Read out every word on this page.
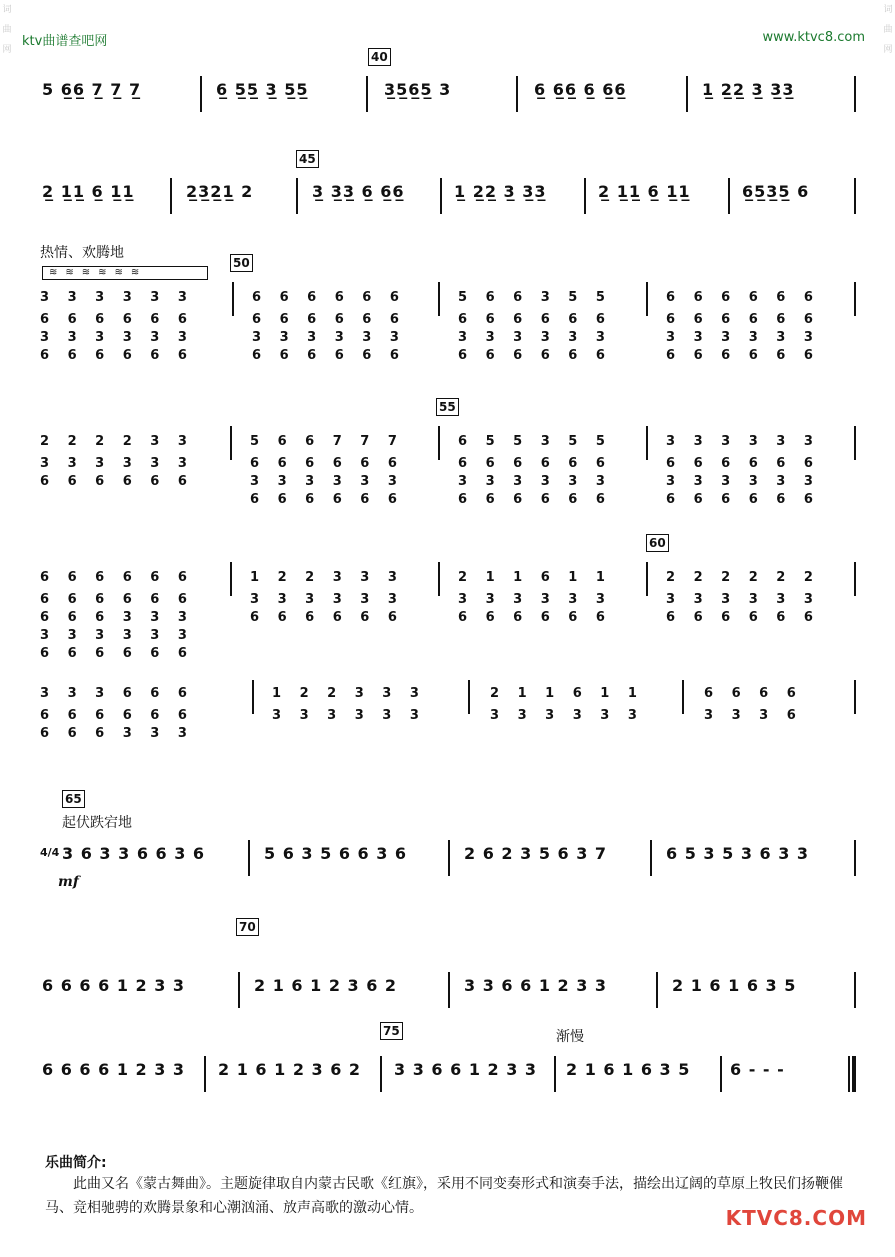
词曲网
词曲网
ktv曲谱查吧网	www.ktvc8.com
40
5 6̲6̲ 7̲ 7̲ 7̲	6̲ 5̲5̲ 3̲ 5̲5̲	3̲5̲6̲5̲ 3	6̲ 6̲6̲ 6̲ 6̲6̲	1̲ 2̲2̲ 3̲ 3̲3̲
45
2̲ 1̲1̲ 6̲ 1̲1̲	2̲3̲2̲1̲ 2	3̲ 3̲3̲ 6̲ 6̲6̲	1̲ 2̲2̲ 3̲ 3̲3̲	2̲ 1̲1̲ 6̲ 1̲1̲	6̲5̲3̲5̲ 6
热情、欢腾地
≋≋≋≋≋≋
50
3 3 3 3 3 3	6 6 6 6 6 6	5 6 6 3 5 5	6 6 6 6 6 6
6 6 6 6 6 6	6 6 6 6 6 6	6 6 6 6 6 6	6 6 6 6 6 6
3 3 3 3 3 3	3 3 3 3 3 3	3 3 3 3 3 3	3 3 3 3 3 3
6 6 6 6 6 6	6 6 6 6 6 6	6 6 6 6 6 6	6 6 6 6 6 6
55
2 2 2 2 3 3	5 6 6 7 7 7	6 5 5 3 5 5	3 3 3 3 3 3
3 3 3 3 3 3	6 6 6 6 6 6	6 6 6 6 6 6	6 6 6 6 6 6
6 6 6 6 6 6	3 3 3 3 3 3	3 3 3 3 3 3	3 3 3 3 3 3
6 6 6 6 6 6	6 6 6 6 6 6	6 6 6 6 6 6
60
6 6 6 6 6 6	1 2 2 3 3 3	2 1 1 6 1 1	2 2 2 2 2 2
6 6 6 6 6 6	3 3 3 3 3 3	3 3 3 3 3 3	3 3 3 3 3 3
6 6 6 3 3 3	6 6 6 6 6 6	6 6 6 6 6 6	6 6 6 6 6 6
3 3 3 3 3 3
6 6 6 6 6 6
3 3 3 6 6 6	1 2 2 3 3 3	2 1 1 6 1 1	6 6 6 6
6 6 6 6 6 6
6 6 6 3 3 3
3 3 3 3 3 3	3 3 3 3 3 3	3 3 3 6
65
起伏跌宕地
4/4
mf
3 6 3 3 6 6 3 6	5 6 3 5 6 6 3 6	2 6 2 3 5 6 3 7	6 5 3 5 3 6 3 3
70
6 6 6 6 1 2 3 3	2 1 6 1 2 3 6 2	3 3 6 6 1 2 3 3	2 1 6 1 6 3 5
75	渐慢
6 6 6 6 1 2 3 3 2 1 6 1 2 3 6 2 3 3 6 6 1 2 3 3 2 1 6 1 6 3 5 6 - - -
乐曲简介:
此曲又名《蒙古舞曲》。主题旋律取自内蒙古民歌《红旗》，采用不同变奏形式和演奏手法，描绘出辽阔的草原上牧民们扬鞭催马、竞相驰骋的欢腾景象和心潮汹涌、放声高歌的激动心情。	KTVC8.COM
